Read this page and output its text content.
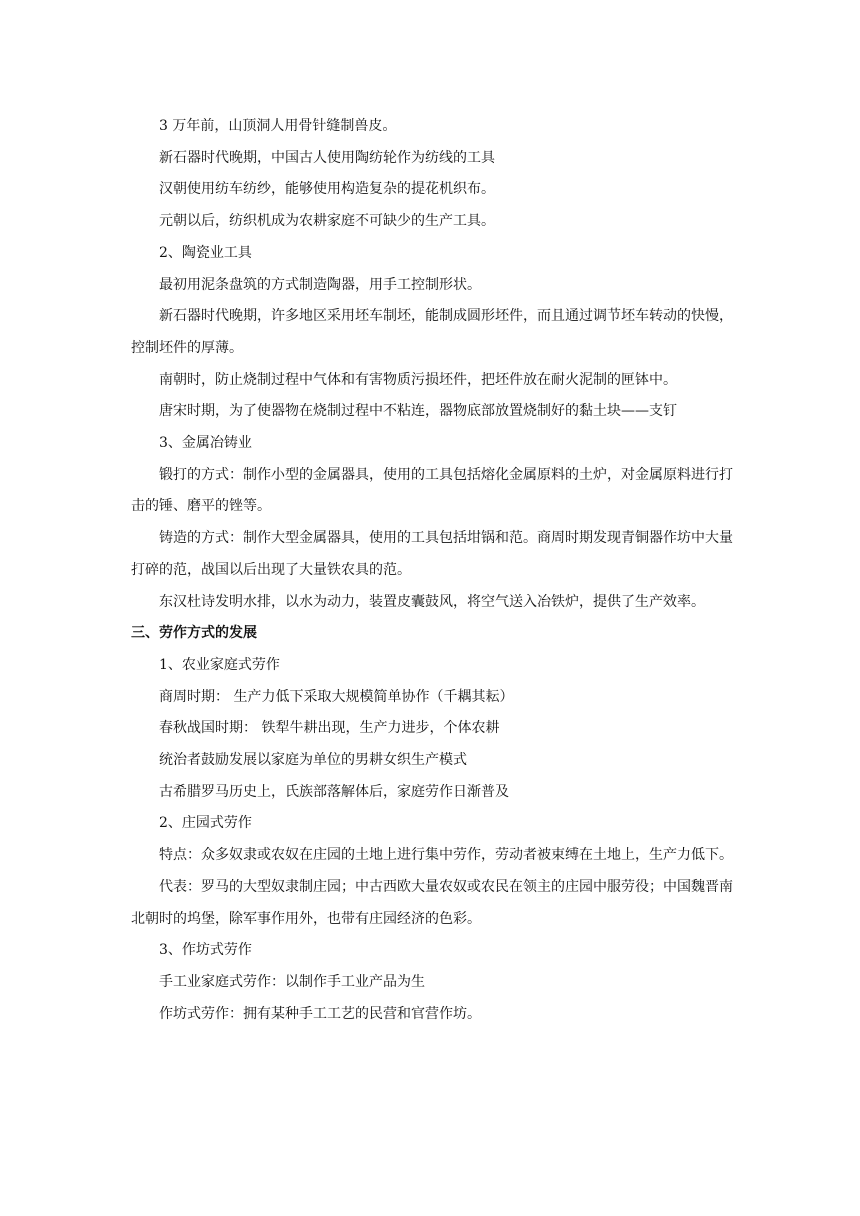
3 万年前，山顶洞人用骨针缝制兽皮。

新石器时代晚期，中国古人使用陶纺轮作为纺线的工具

汉朝使用纺车纺纱，能够使用构造复杂的提花机织布。

元朝以后，纺织机成为农耕家庭不可缺少的生产工具。

2、陶瓷业工具

最初用泥条盘筑的方式制造陶器，用手工控制形状。

新石器时代晚期，许多地区采用坯车制坯，能制成圆形坯件，而且通过调节坯车转动的快慢，控制坯件的厚薄。

南朝时，防止烧制过程中气体和有害物质污损坯件，把坯件放在耐火泥制的匣钵中。

唐宋时期，为了使器物在烧制过程中不粘连，器物底部放置烧制好的黏土块——支钉

3、金属冶铸业

锻打的方式：制作小型的金属器具，使用的工具包括熔化金属原料的土炉，对金属原料进行打击的锤、磨平的锉等。

铸造的方式：制作大型金属器具，使用的工具包括坩锅和范。商周时期发现青铜器作坊中大量打碎的范，战国以后出现了大量铁农具的范。

东汉杜诗发明水排，以水为动力，装置皮囊鼓风，将空气送入冶铁炉，提供了生产效率。

三、劳作方式的发展

1、农业家庭式劳作

商周时期： 生产力低下采取大规模简单协作（千耦其耘）

春秋战国时期： 铁犁牛耕出现，生产力进步，个体农耕

统治者鼓励发展以家庭为单位的男耕女织生产模式

古希腊罗马历史上，氏族部落解体后，家庭劳作日渐普及

2、庄园式劳作

特点：众多奴隶或农奴在庄园的土地上进行集中劳作，劳动者被束缚在土地上，生产力低下。

代表：罗马的大型奴隶制庄园；中古西欧大量农奴或农民在领主的庄园中服劳役；中国魏晋南北朝时的坞堡，除军事作用外，也带有庄园经济的色彩。

3、作坊式劳作

手工业家庭式劳作：以制作手工业产品为生

作坊式劳作：拥有某种手工工艺的民营和官营作坊。
